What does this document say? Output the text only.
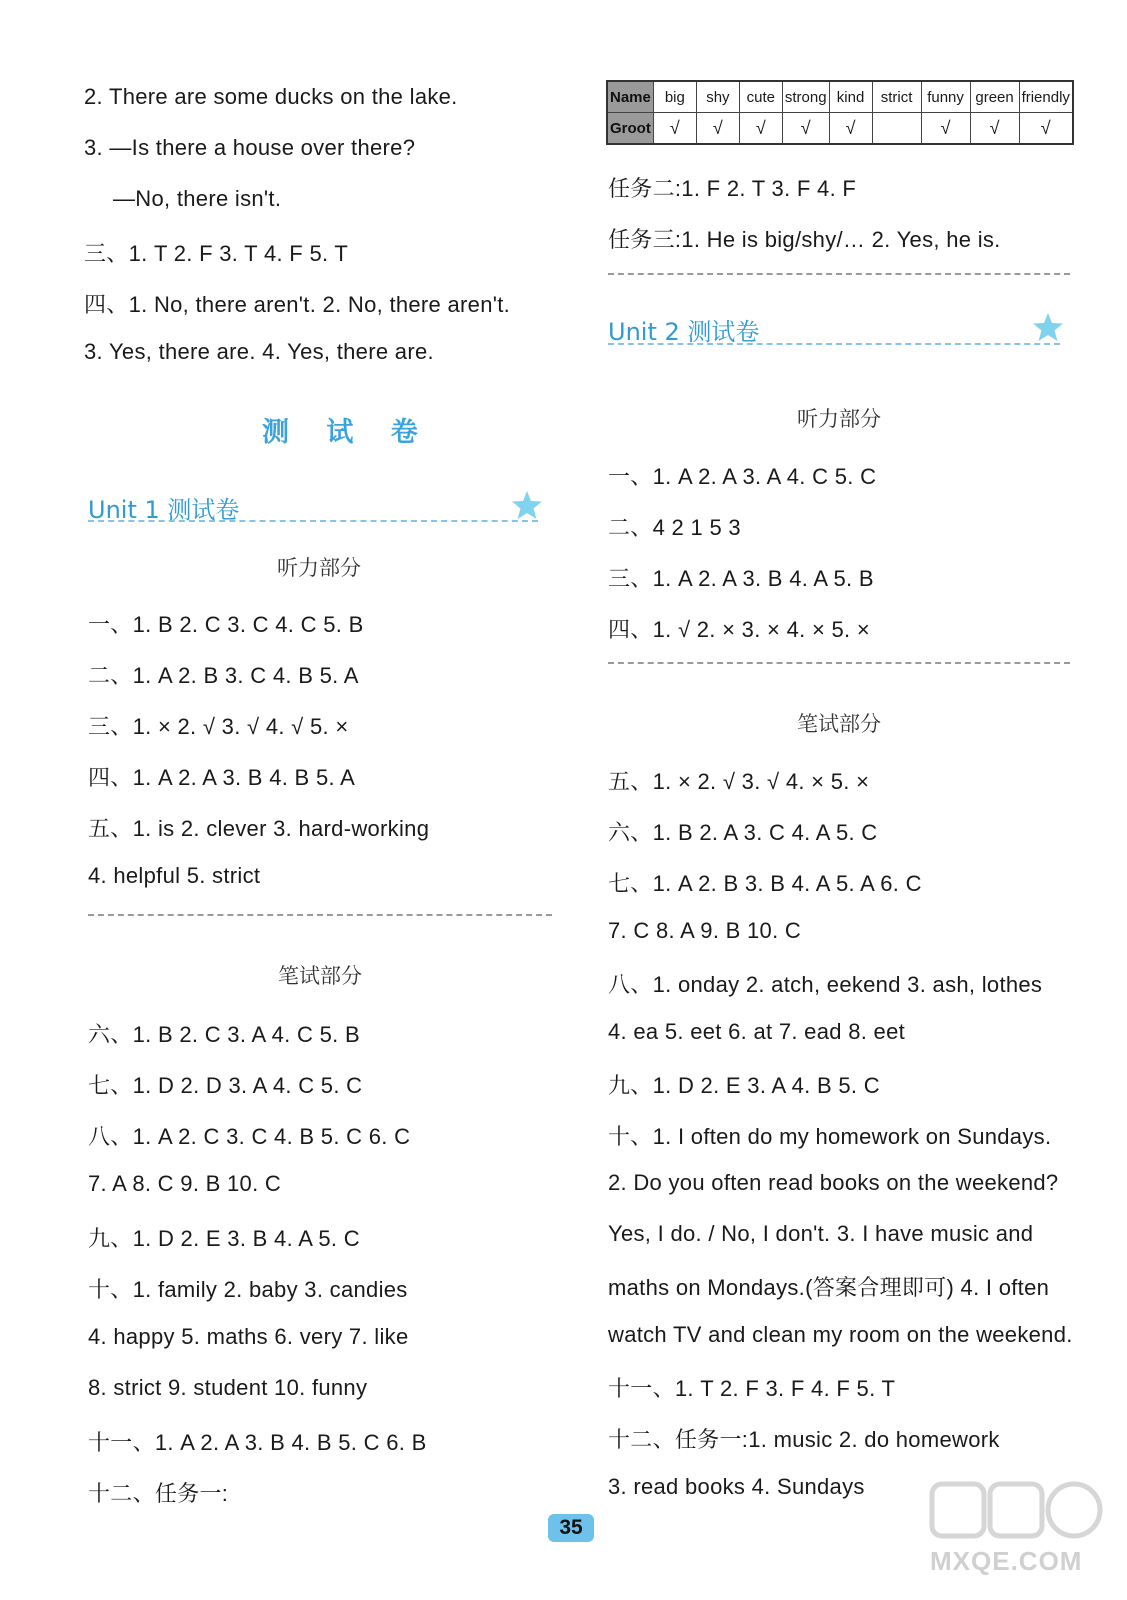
2. There are some ducks on the lake.
3. —Is there a house over there?
—No, there isn't.
三、1. T 2. F 3. T 4. F 5. T
四、1. No, there aren't. 2. No, there aren't.
3. Yes, there are. 4. Yes, there are.
测 试 卷
Unit 1 测试卷
听力部分
一、1. B 2. C 3. C 4. C 5. B
二、1. A 2. B 3. C 4. B 5. A
三、1. × 2. √ 3. √ 4. √ 5. ×
四、1. A 2. A 3. B 4. B 5. A
五、1. is 2. clever 3. hard-working
4. helpful 5. strict
笔试部分
六、1. B 2. C 3. A 4. C 5. B
七、1. D 2. D 3. A 4. C 5. C
八、1. A 2. C 3. C 4. B 5. C 6. C
7. A 8. C 9. B 10. C
九、1. D 2. E 3. B 4. A 5. C
十、1. family 2. baby 3. candies
4. happy 5. maths 6. very 7. like
8. strict 9. student 10. funny
十一、1. A 2. A 3. B 4. B 5. C 6. B
十二、任务一:
Name	big	shy	cute	strong	kind	strict	funny	green	friendly
Groot	√	√	√	√	√		√	√	√
任务二:1. F 2. T 3. F 4. F
任务三:1. He is big/shy/… 2. Yes, he is.
Unit 2 测试卷
听力部分
一、1. A 2. A 3. A 4. C 5. C
二、4 2 1 5 3
三、1. A 2. A 3. B 4. A 5. B
四、1. √ 2. × 3. × 4. × 5. ×
笔试部分
五、1. × 2. √ 3. √ 4. × 5. ×
六、1. B 2. A 3. C 4. A 5. C
七、1. A 2. B 3. B 4. A 5. A 6. C
7. C 8. A 9. B 10. C
八、1. onday 2. atch, eekend 3. ash, lothes
4. ea 5. eet 6. at 7. ead 8. eet
九、1. D 2. E 3. A 4. B 5. C
十、1. I often do my homework on Sundays.
2. Do you often read books on the weekend?
Yes, I do. / No, I don't. 3. I have music and
maths on Mondays.(答案合理即可) 4. I often
watch TV and clean my room on the weekend.
十一、1. T 2. F 3. F 4. F 5. T
十二、任务一:1. music 2. do homework
3. read books 4. Sundays
35
MXQE.COM
